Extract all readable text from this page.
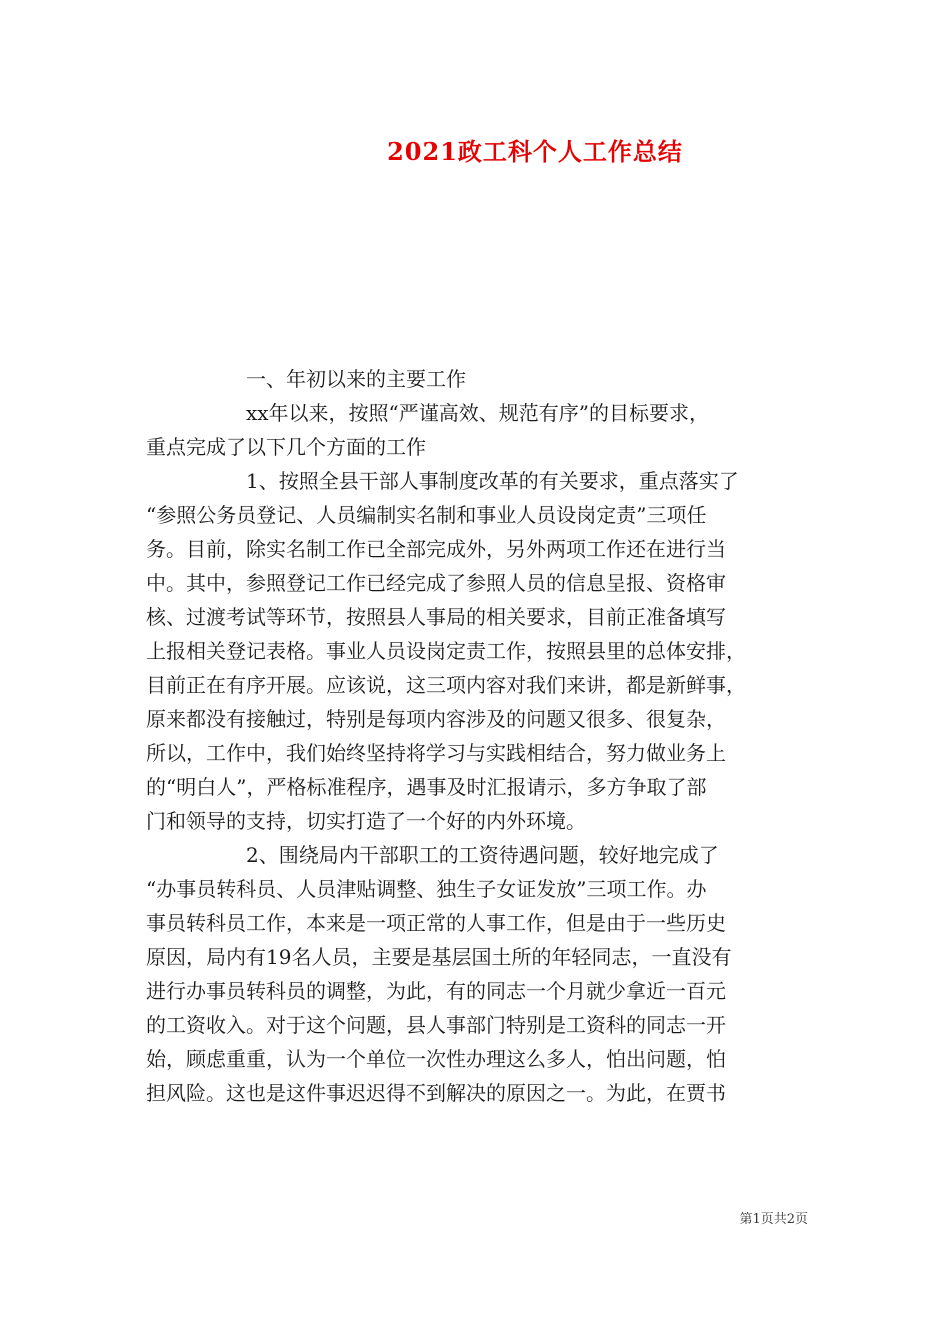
2021政工科个人工作总结
一、年初以来的主要工作
xx年以来，按照“严谨高效、规范有序”的目标要求，
重点完成了以下几个方面的工作
1、按照全县干部人事制度改革的有关要求，重点落实了
“参照公务员登记、人员编制实名制和事业人员设岗定责”三项任
务。目前，除实名制工作已全部完成外，另外两项工作还在进行当
中。其中，参照登记工作已经完成了参照人员的信息呈报、资格审
核、过渡考试等环节，按照县人事局的相关要求，目前正准备填写
上报相关登记表格。事业人员设岗定责工作，按照县里的总体安排，
目前正在有序开展。应该说，这三项内容对我们来讲，都是新鲜事，
原来都没有接触过，特别是每项内容涉及的问题又很多、很复杂，
所以，工作中，我们始终坚持将学习与实践相结合，努力做业务上
的“明白人”，严格标准程序，遇事及时汇报请示，多方争取了部
门和领导的支持，切实打造了一个好的内外环境。
2、围绕局内干部职工的工资待遇问题，较好地完成了
“办事员转科员、人员津贴调整、独生子女证发放”三项工作。办
事员转科员工作，本来是一项正常的人事工作，但是由于一些历史
原因，局内有19名人员，主要是基层国土所的年轻同志，一直没有
进行办事员转科员的调整，为此，有的同志一个月就少拿近一百元
的工资收入。对于这个问题，县人事部门特别是工资科的同志一开
始，顾虑重重，认为一个单位一次性办理这么多人，怕出问题，怕
担风险。这也是这件事迟迟得不到解决的原因之一。为此，在贾书
第1页共2页
